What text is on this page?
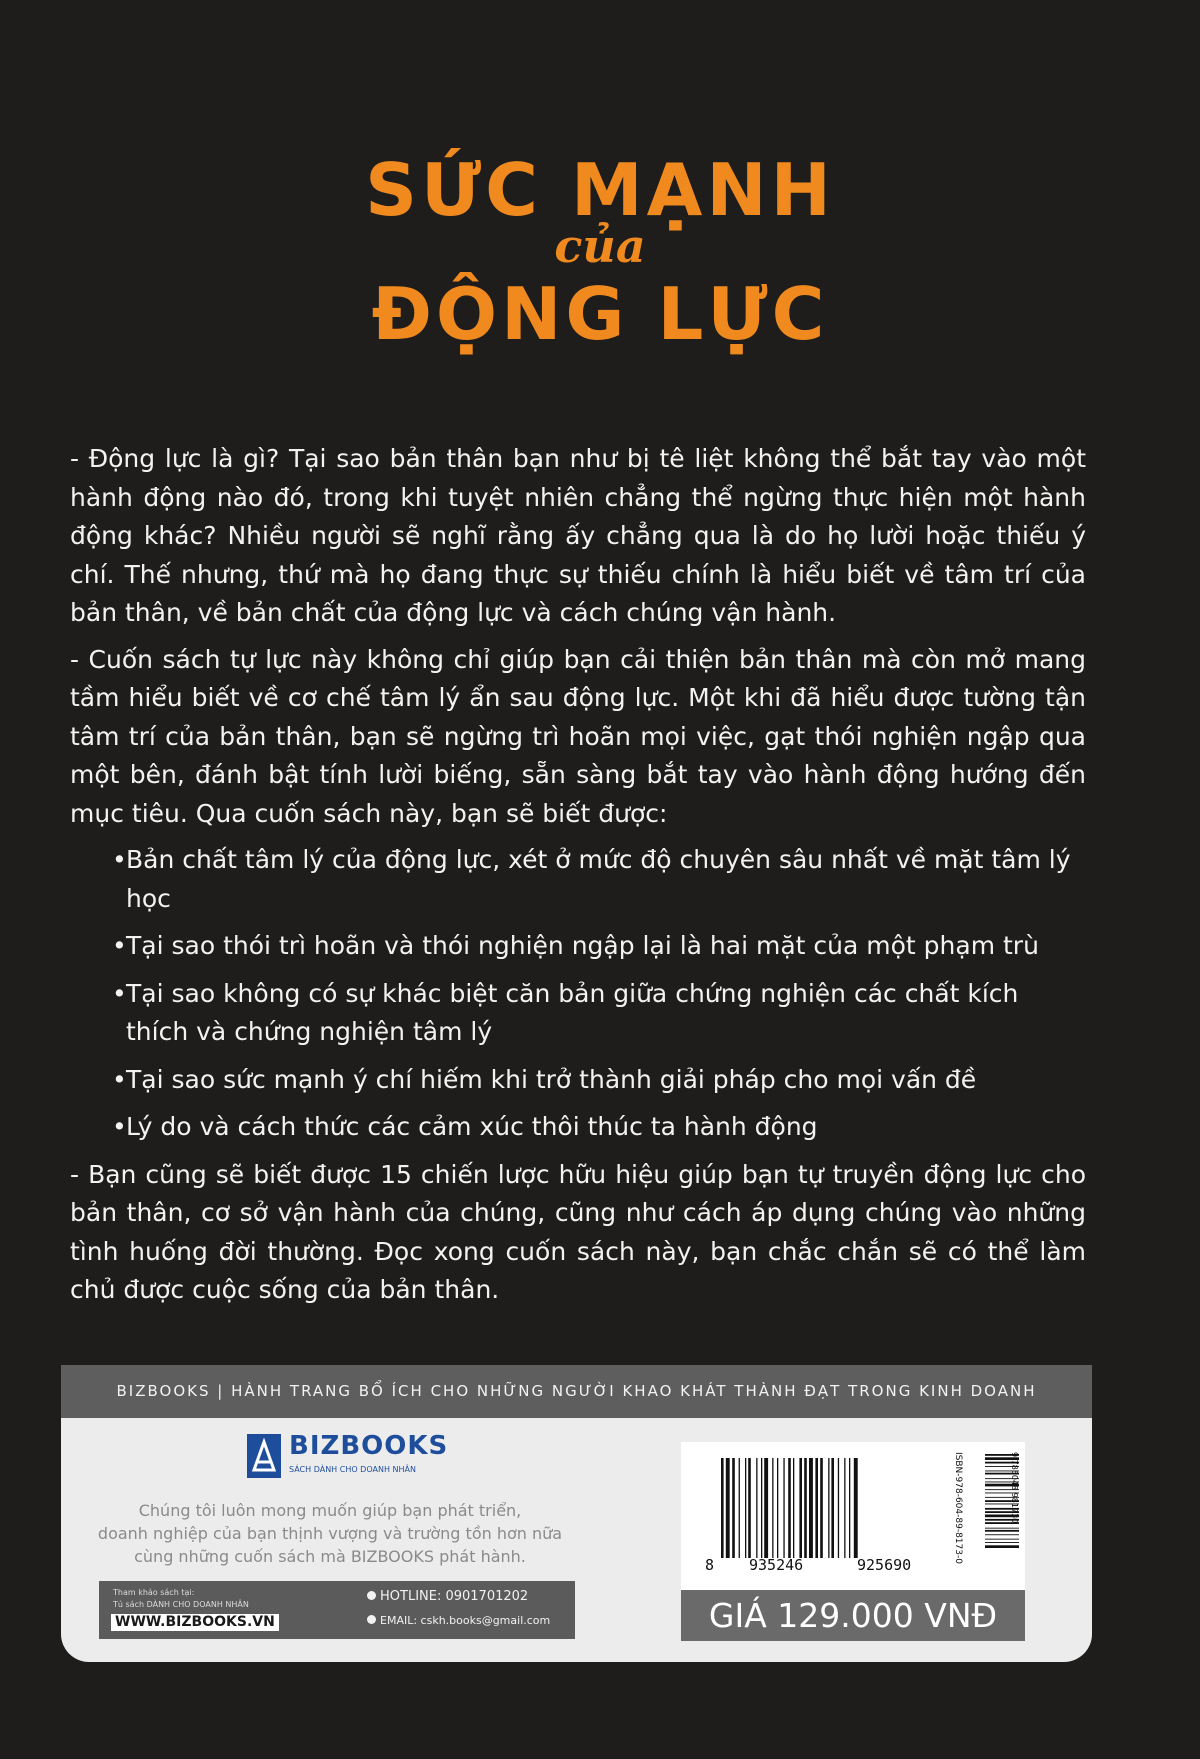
SỨC MẠNH
của
ĐỘNG LỰC

- Động lực là gì? Tại sao bản thân bạn như bị tê liệt không thể bắt tay vào một hành động nào đó, trong khi tuyệt nhiên chẳng thể ngừng thực hiện một hành động khác? Nhiều người sẽ nghĩ rằng ấy chẳng qua là do họ lười hoặc thiếu ý chí. Thế nhưng, thứ mà họ đang thực sự thiếu chính là hiểu biết về tâm trí của bản thân, về bản chất của động lực và cách chúng vận hành.

- Cuốn sách tự lực này không chỉ giúp bạn cải thiện bản thân mà còn mở mang tầm hiểu biết về cơ chế tâm lý ẩn sau động lực. Một khi đã hiểu được tường tận tâm trí của bản thân, bạn sẽ ngừng trì hoãn mọi việc, gạt thói nghiện ngập qua một bên, đánh bật tính lười biếng, sẵn sàng bắt tay vào hành động hướng đến mục tiêu. Qua cuốn sách này, bạn sẽ biết được:

• Bản chất tâm lý của động lực, xét ở mức độ chuyên sâu nhất về mặt tâm lý học
• Tại sao thói trì hoãn và thói nghiện ngập lại là hai mặt của một phạm trù
• Tại sao không có sự khác biệt căn bản giữa chứng nghiện các chất kích thích và chứng nghiện tâm lý
• Tại sao sức mạnh ý chí hiếm khi trở thành giải pháp cho mọi vấn đề
• Lý do và cách thức các cảm xúc thôi thúc ta hành động

- Bạn cũng sẽ biết được 15 chiến lược hữu hiệu giúp bạn tự truyền động lực cho bản thân, cơ sở vận hành của chúng, cũng như cách áp dụng chúng vào những tình huống đời thường. Đọc xong cuốn sách này, bạn chắc chắn sẽ có thể làm chủ được cuộc sống của bản thân.

BIZBOOKS | HÀNH TRANG BỔ ÍCH CHO NHỮNG NGƯỜI KHAO KHÁT THÀNH ĐẠT TRONG KINH DOANH
BIZBOOKS
SÁCH DÀNH CHO DOANH NHÂN
Chúng tôi luôn mong muốn giúp bạn phát triển,
doanh nghiệp của bạn thịnh vượng và trường tồn hơn nữa
cùng những cuốn sách mà BIZBOOKS phát hành.
Tham khảo sách tại:
Tủ sách DÀNH CHO DOANH NHÂN
WWW.BIZBOOKS.VN
HOTLINE: 0901701202
EMAIL: cskh.books@gmail.com
8 935246	925690
ISBN-978-604-89-8173-0	9 786048 981730
GIÁ 129.000 VNĐ
